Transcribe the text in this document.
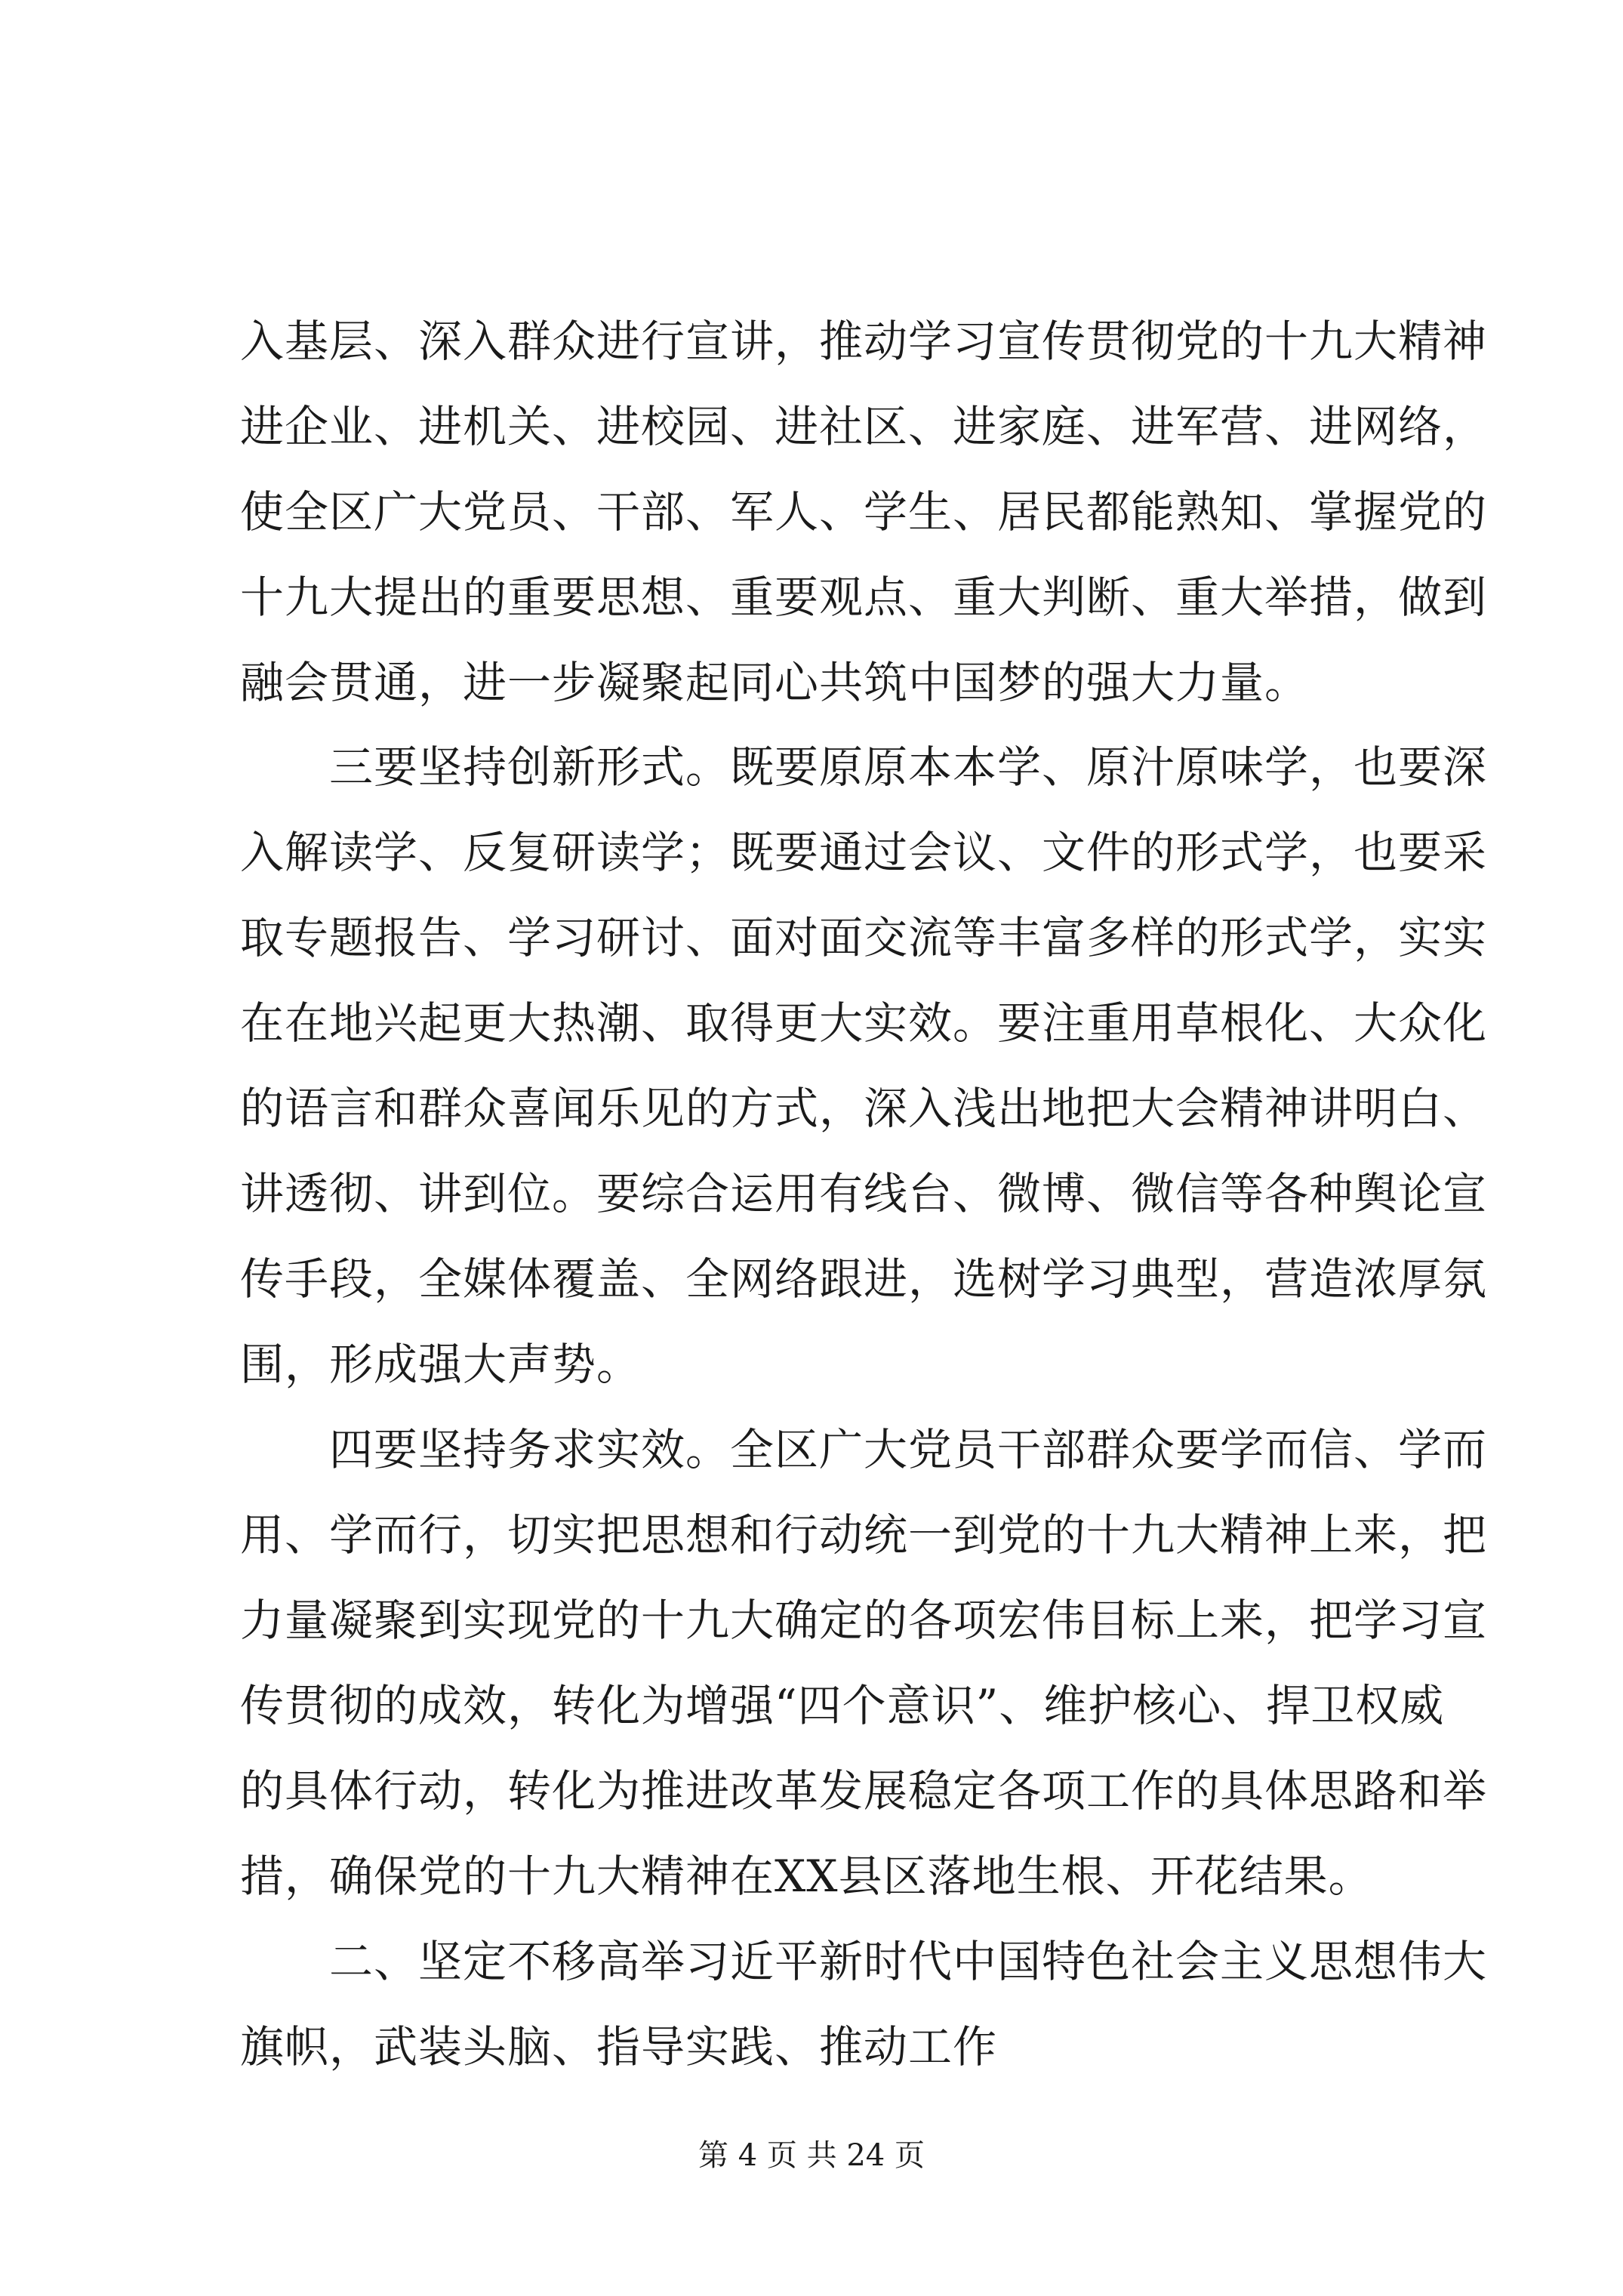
入基层、深入群众进行宣讲，推动学习宣传贯彻党的十九大精神
进企业、进机关、进校园、进社区、进家庭、进军营、进网络，
使全区广大党员、干部、军人、学生、居民都能熟知、掌握党的
十九大提出的重要思想、重要观点、重大判断、重大举措，做到
融会贯通，进一步凝聚起同心共筑中国梦的强大力量。
　　三要坚持创新形式。既要原原本本学、原汁原味学，也要深
入解读学、反复研读学；既要通过会议、文件的形式学，也要采
取专题报告、学习研讨、面对面交流等丰富多样的形式学，实实
在在地兴起更大热潮、取得更大实效。要注重用草根化、大众化
的语言和群众喜闻乐见的方式，深入浅出地把大会精神讲明白、
讲透彻、讲到位。要综合运用有线台、微博、微信等各种舆论宣
传手段，全媒体覆盖、全网络跟进，选树学习典型，营造浓厚氛
围，形成强大声势。
　　四要坚持务求实效。全区广大党员干部群众要学而信、学而
用、学而行，切实把思想和行动统一到党的十九大精神上来，把
力量凝聚到实现党的十九大确定的各项宏伟目标上来，把学习宣
传贯彻的成效，转化为增强“四个意识”、维护核心、捍卫权威
的具体行动，转化为推进改革发展稳定各项工作的具体思路和举
措，确保党的十九大精神在XX县区落地生根、开花结果。
　　二、坚定不移高举习近平新时代中国特色社会主义思想伟大
旗帜，武装头脑、指导实践、推动工作
第 4 页 共 24 页
